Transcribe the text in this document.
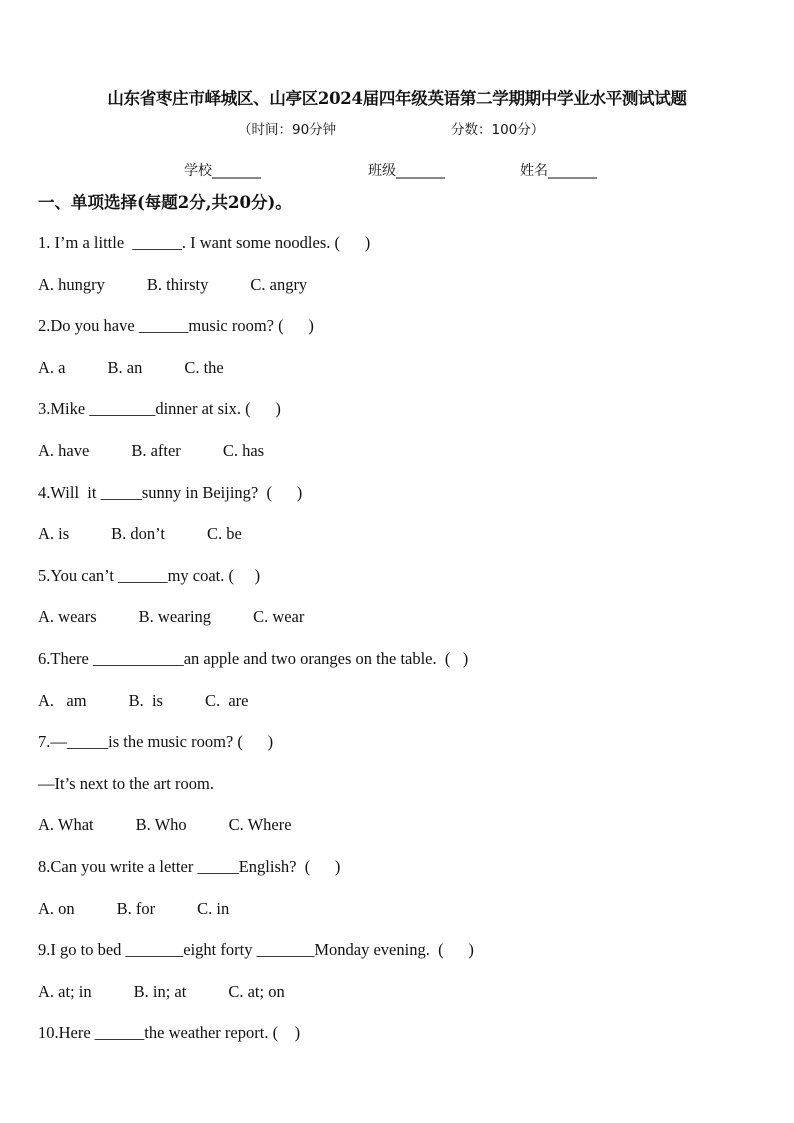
山东省枣庄市峄城区、山亭区2024届四年级英语第二学期期中学业水平测试试题
（时间：90分钟	分数：100分）
学校_______	班级_______	姓名_______
一、单项选择(每题2分,共20分)。
1. I’m a little  ______. I want some noodles. (      )
A. hungry	B. thirsty	C. angry
2.Do you have ______music room? (      )
A. a	B. an	C. the
3.Mike ________dinner at six. (      )
A. have	B. after	C. has
4.Will  it _____sunny in Beijing?  (      )
A. is	B. don’t	C. be
5.You can’t ______my coat. (     )
A. wears	B. wearing	C. wear
6.There ___________an apple and two oranges on the table.  (   )
A.   am	B.  is	C.  are
7.—_____is the music room? (      )
—It’s next to the art room.
A. What	B. Who	C. Where
8.Can you write a letter _____English?  (      )
A. on	B. for	C. in
9.I go to bed _______eight forty _______Monday evening.  (      )
A. at; in	B. in; at	C. at; on
10.Here ______the weather report. (    )
